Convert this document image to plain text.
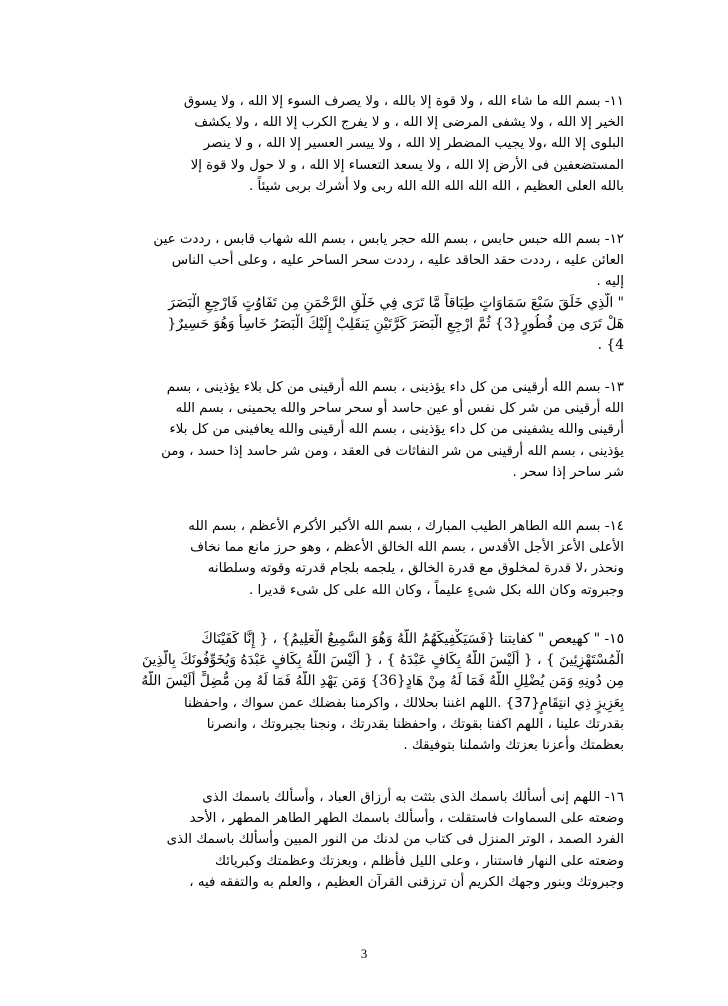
١١- بسم الله ما شاء الله ، ولا قوة إلا بالله ، ولا يصرف السوء إلا الله ، ولا يسوق

الخير إلا الله ، ولا يشفى المرضى إلا الله ، و لا يفرج الكرب إلا الله ، ولا يكشف

البلوى إلا الله ،ولا يجيب المضطر إلا الله ، ولا ييسر العسير إلا الله ، و لا ينصر

المستضعفين فى الأرض إلا الله ، ولا يسعد التعساء إلا الله ، و لا حول ولا قوة إلا

بالله العلى العظيم ، الله الله الله الله الله ربى ولا أشرك بربى شيئاً .

١٢- بسم الله حبس حابس ، بسم الله حجر يابس ، بسم الله شهاب قابس ، رددت عين

العائن عليه ، رددت حقد الحاقد عليه ، رددت سحر الساحر عليه ، وعلى أحب الناس

إليه .

" الَّذِي خَلَقَ سَبْعَ سَمَاوَاتٍ طِبَاقاً مَّا تَرَى فِي خَلْقِ الرَّحْمَنِ مِن تَفَاوُتٍ فَارْجِعِ الْبَصَرَ

هَلْ تَرَى مِن فُطُورٍ{3} ثُمَّ ارْجِعِ الْبَصَرَ كَرَّتَيْنِ يَنقَلِبْ إِلَيْكَ الْبَصَرُ خَاسِأً وَهُوَ حَسِيرٌ{

4} .

١٣- بسم الله أرقينى من كل داء يؤذينى ، بسم الله أرقينى من كل بلاء يؤذينى ، بسم

الله أرقينى من شر كل نفس أو عين حاسد أو سحر ساحر والله يحمينى ، بسم الله

أرقينى والله يشفينى من كل داء يؤذينى ، بسم الله أرقينى والله يعافينى من كل بلاء

يؤذينى ، بسم الله أرقينى من شر النفاثات فى العقد ، ومن شر حاسد إذا حسد ، ومن

شر ساحر إذا سحر .

١٤- بسم الله الطاهر الطيب المبارك ، بسم الله الأكبر الأكرم الأعظم ، بسم الله

الأعلى الأعز الأجل الأقدس ، بسم الله الخالق الأعظم ، وهو حرز مانع مما نخاف

ونحذر ،لا قدرة لمخلوق مع قدرة الخالق ، يلجمه بلجام قدرته وقوته وسلطانه

وجبروته وكان الله بكل شىءٍ عليماً ، وكان الله على كل شىء قديرا .

١٥- " كهيعص " كفايتنا {فَسَيَكْفِيكَهُمُ اللّهُ وَهُوَ السَّمِيعُ الْعَلِيمُ} ، { إِنَّا كَفَيْنَاكَ

الْمُسْتَهْزِئِينَ } ، { أَلَيْسَ اللَّهُ بِكَافٍ عَبْدَهُ } ، { أَلَيْسَ اللَّهُ بِكَافٍ عَبْدَهُ وَيُخَوِّفُونَكَ بِالَّذِينَ

مِن دُونِهِ وَمَن يُضْلِلِ اللَّهُ فَمَا لَهُ مِنْ هَادٍ{36} وَمَن يَهْدِ اللَّهُ فَمَا لَهُ مِن مُّضِلٍّ أَلَيْسَ اللَّهُ

بِعَزِيزٍ ذِي انتِقَامٍ{37} .اللهم اغننا بحلالك ، واكرمنا بفضلك عمن سواك ، واحفظنا

بقدرتك علينا ، اللهم اكفنا بقوتك ، واحفظنا بقدرتك ، ونجنا بجبروتك ، وانصرنا

بعظمتك وأعزنا بعزتك واشملنا بتوفيقك .

١٦- اللهم إنى أسألك باسمك الذى بثثت به أرزاق العباد ، وأسألك باسمك الذى

وضعته على السماوات فاستقلت ، وأسألك باسمك الطهر الطاهر المطهر ، الأحد

الفرد الصمد ، الوتر المنزل فى كتاب من لدنك من النور المبين وأسألك باسمك الذى

وضعته على النهار فاستنار ، وعلى الليل فأظلم ، وبعزتك وعظمتك وكبريائك

وجبروتك وبنور وجهك الكريم أن ترزقنى القرآن العظيم ، والعلم به والتفقه فيه ،

3
